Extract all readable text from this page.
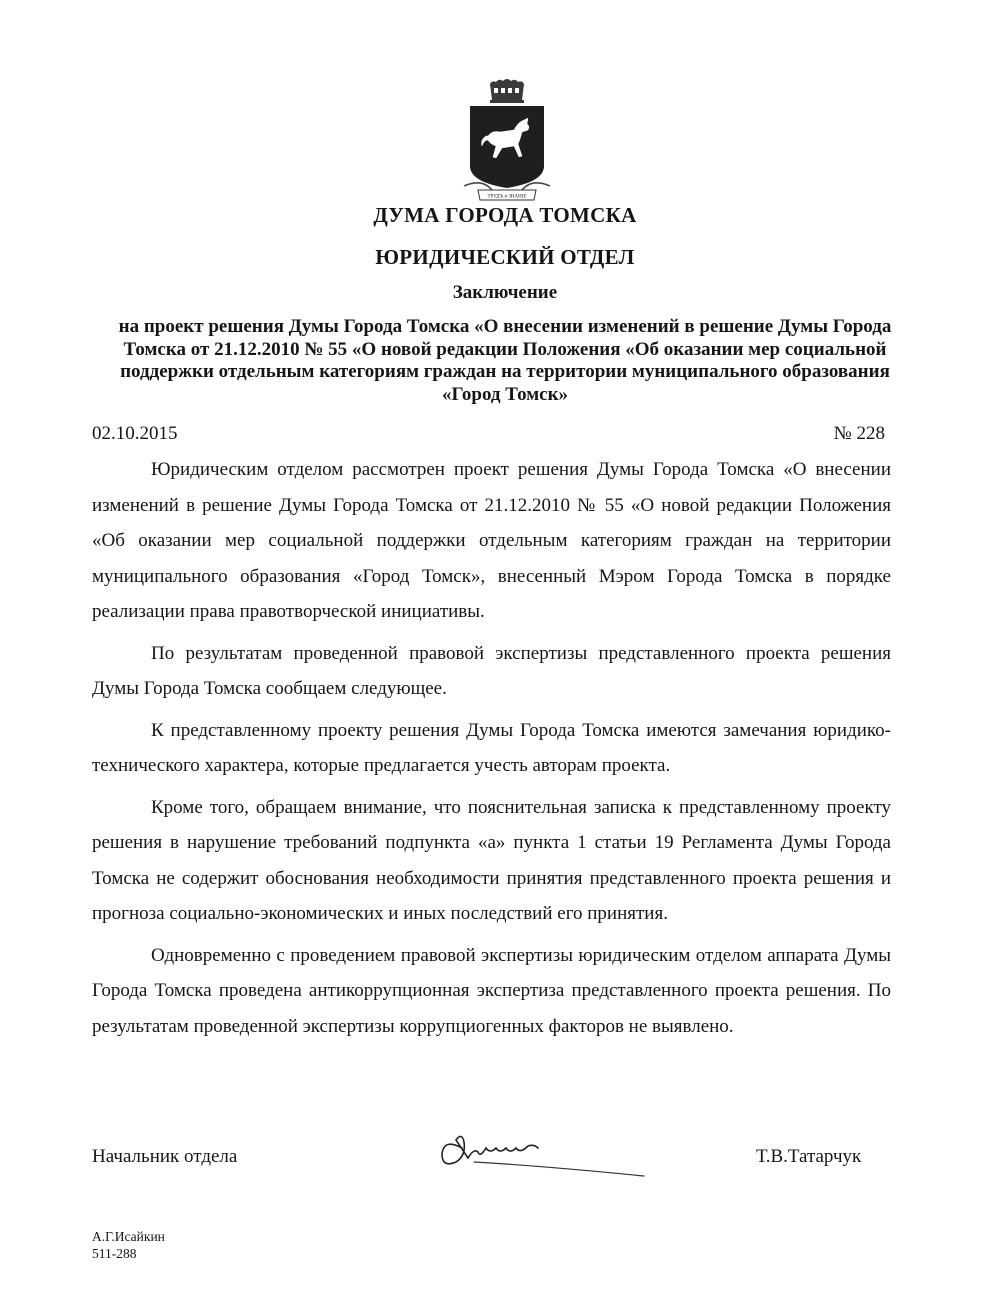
ТРУДЪ и ЗНАНIЕ
ДУМА ГОРОДА ТОМСКА
ЮРИДИЧЕСКИЙ ОТДЕЛ
Заключение
на проект решения Думы Города Томска «О внесении изменений в решение Думы Города Томска от 21.12.2010 № 55 «О новой редакции Положения «Об оказании мер социальной поддержки отдельным категориям граждан на территории муниципального образования «Город Томск»
02.10.2015	№ 228

Юридическим отделом рассмотрен проект решения Думы Города Томска «О внесении изменений в решение Думы Города Томска от 21.12.2010 № 55 «О новой редакции Положения «Об оказании мер социальной поддержки отдельным категориям граждан на территории муниципального образования «Город Томск», внесенный Мэром Города Томска в порядке реализации права правотворческой инициативы.

По результатам проведенной правовой экспертизы представленного проекта решения Думы Города Томска сообщаем следующее.

К представленному проекту решения Думы Города Томска имеются замечания юридико-технического характера, которые предлагается учесть авторам проекта.

Кроме того, обращаем внимание, что пояснительная записка к представленному проекту решения в нарушение требований подпункта «а» пункта 1 статьи 19 Регламента Думы Города Томска не содержит обоснования необходимости принятия представленного проекта решения и прогноза социально-экономических и иных последствий его принятия.

Одновременно с проведением правовой экспертизы юридическим отделом аппарата Думы Города Томска проведена антикоррупционная экспертиза представленного проекта решения. По результатам проведенной экспертизы коррупциогенных факторов не выявлено.

Начальник отдела	Т.В.Татарчук
А.Г.Исайкин
511-288
